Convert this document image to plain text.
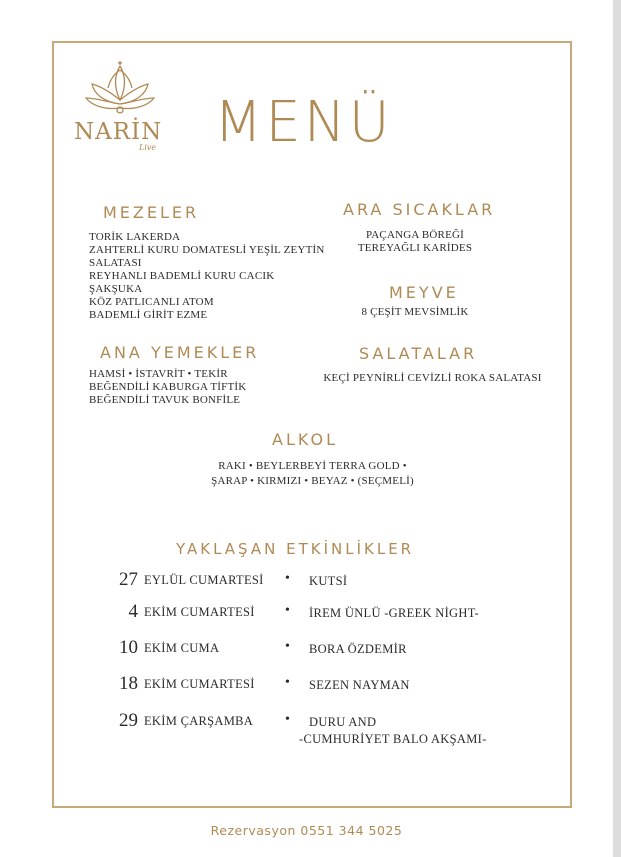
NARİN
Live MENÜ
MEZELER
TORİK LAKERDA
ZAHTERLİ KURU DOMATESLİ YEŞİL ZEYTİN
SALATASI
REYHANLI BADEMLİ KURU CACIK
ŞAKŞUKA
KÖZ PATLICANLI ATOM
BADEMLİ GİRİT EZME
ARA SICAKLAR
PAÇANGA BÖREĞİ
TEREYAĞLI KARİDES
MEYVE
8 ÇEŞİT MEVSİMLİK
ANA YEMEKLER
HAMSİ • İSTAVRİT • TEKİR
BEĞENDİLİ KABURGA TİFTİK
BEĞENDİLİ TAVUK BONFİLE
SALATALAR
KEÇİ PEYNİRLİ CEVİZLİ ROKA SALATASI
ALKOL
RAKI • BEYLERBEYİ TERRA GOLD •
ŞARAP • KIRMIZI • BEYAZ • (SEÇMELİ)
YAKLAŞAN ETKİNLİKLER
27 EYLÜL CUMARTESİ • KUTSİ
4 EKİM CUMARTESİ • İREM ÜNLÜ -GREEK NİGHT-
10 EKİM CUMA	• BORA ÖZDEMİR
18 EKİM CUMARTESİ • SEZEN NAYMAN
29 EKİM ÇARŞAMBA • DURU AND
-CUMHURİYET BALO AKŞAMI-
Rezervasyon 0551 344 5025
